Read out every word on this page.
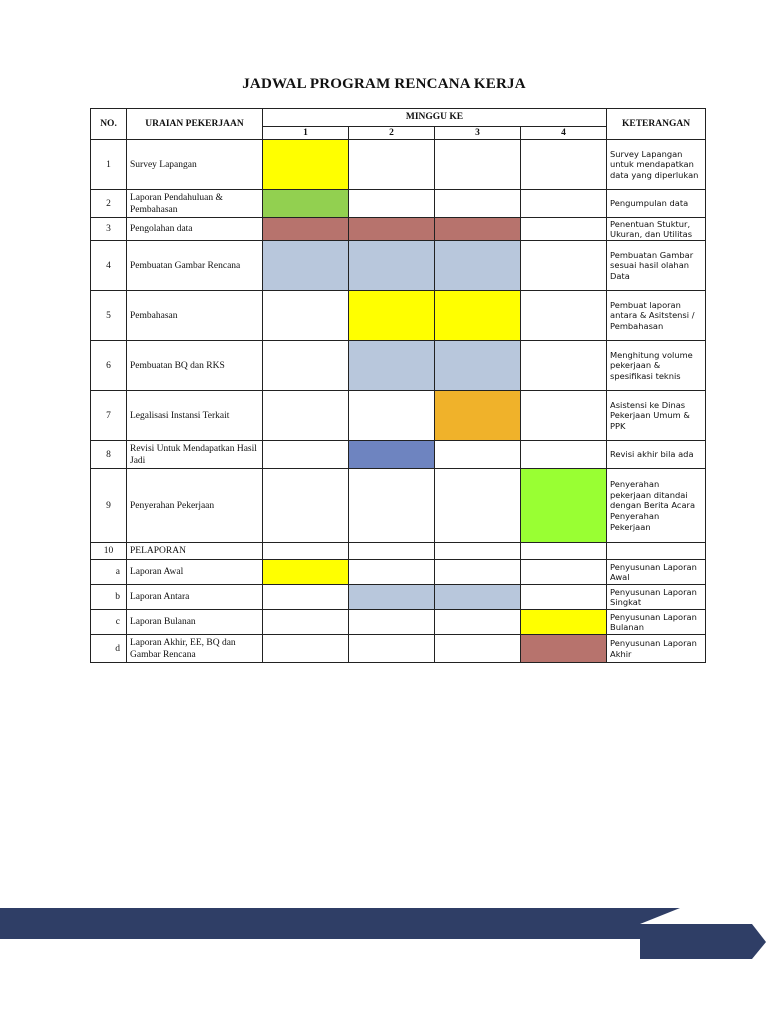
JADWAL PROGRAM RENCANA KERJA
NO.	URAIAN PEKERJAAN	MINGGU KE				KETERANGAN
		1	2	3	4	
1	Survey Lapangan					Survey Lapangan untuk mendapatkan data yang diperlukan
2	Laporan Pendahuluan & Pembahasan					Pengumpulan data
3	Pengolahan data					Penentuan Stuktur, Ukuran, dan Utilitas
4	Pembuatan Gambar Rencana					Pembuatan Gambar sesuai hasil olahan Data
5	Pembahasan					Pembuat laporan antara & Asitstensi / Pembahasan
6	Pembuatan BQ dan RKS					Menghitung volume pekerjaan & spesifikasi teknis
7	Legalisasi Instansi Terkait					Asistensi ke Dinas Pekerjaan Umum & PPK
8	Revisi Untuk Mendapatkan Hasil Jadi					Revisi akhir bila ada
9	Penyerahan Pekerjaan					Penyerahan pekerjaan ditandai dengan Berita Acara Penyerahan Pekerjaan
10	PELAPORAN					
a	Laporan Awal					Penyusunan Laporan Awal
b	Laporan Antara					Penyusunan Laporan Singkat
c	Laporan Bulanan					Penyusunan Laporan Bulanan
d	Laporan Akhir, EE, BQ dan Gambar Rencana					Penyusunan Laporan Akhir
